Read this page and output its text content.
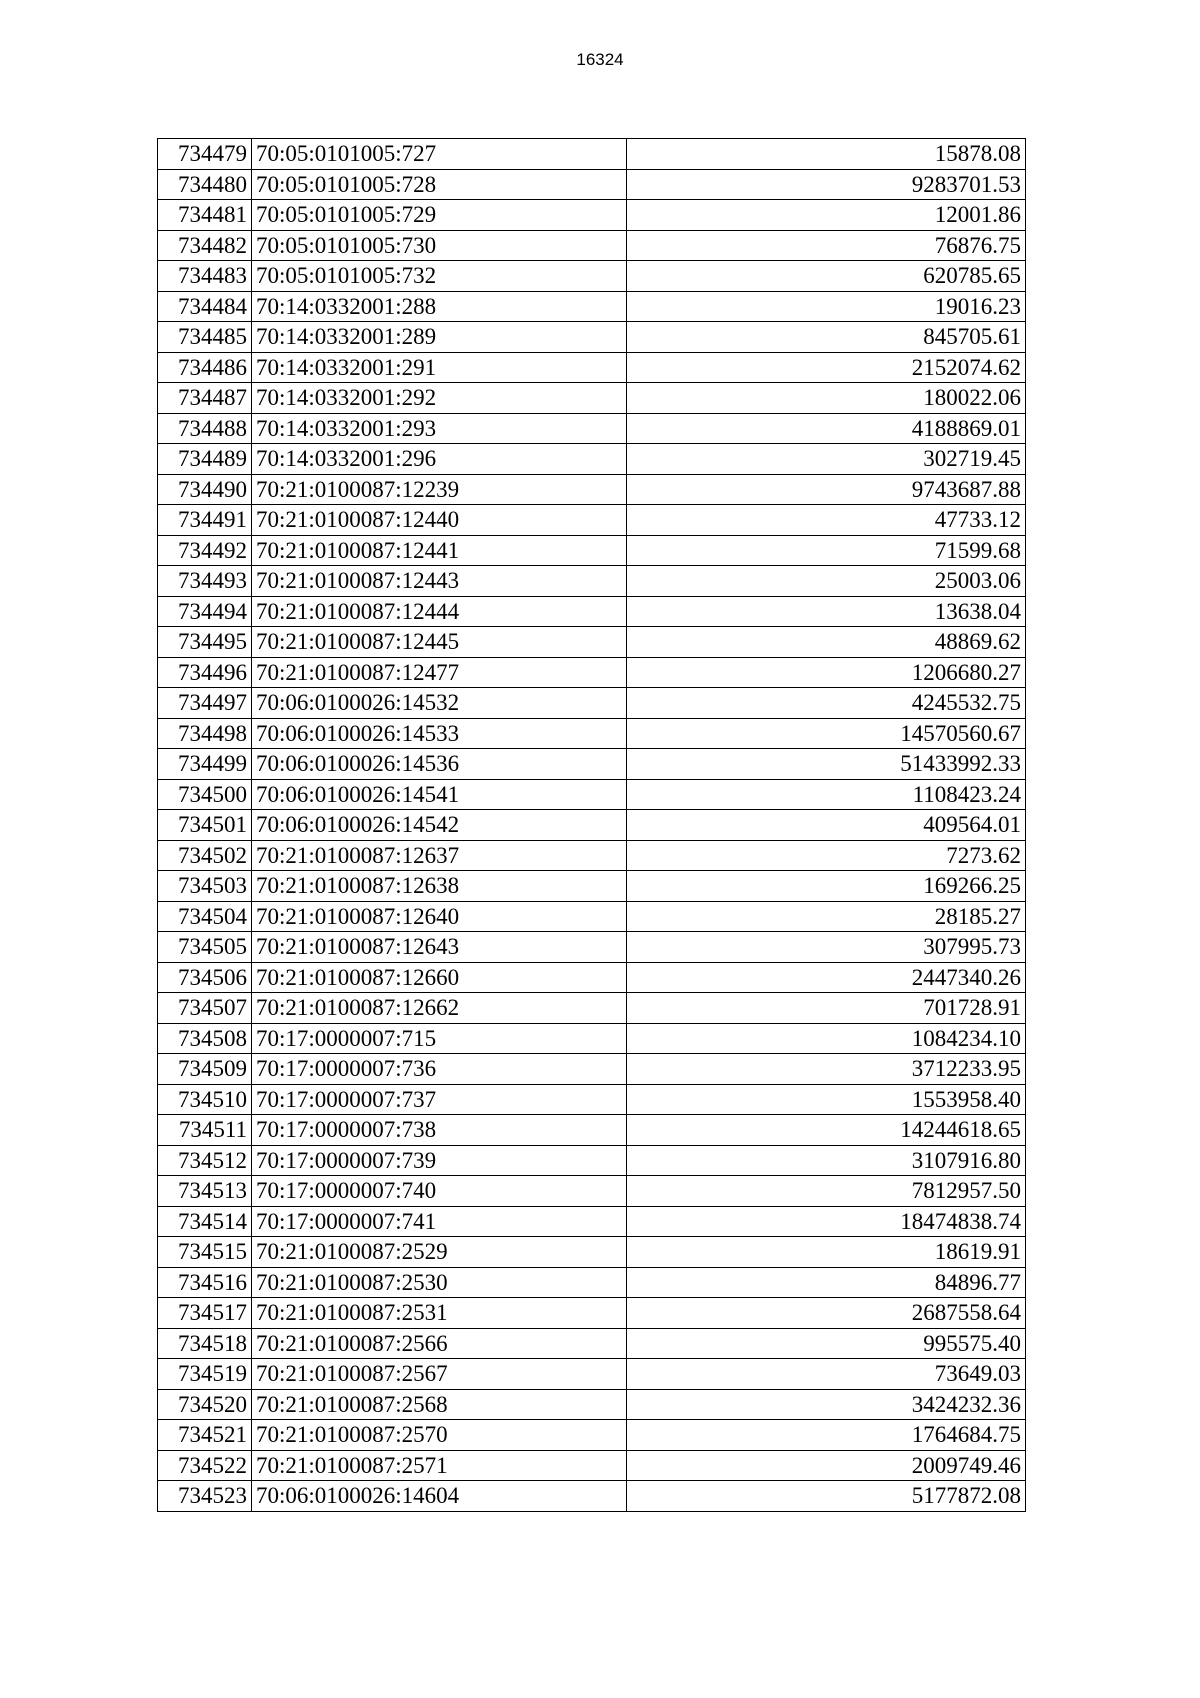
16324
734479	70:05:0101005:727	15878.08
734480	70:05:0101005:728	9283701.53
734481	70:05:0101005:729	12001.86
734482	70:05:0101005:730	76876.75
734483	70:05:0101005:732	620785.65
734484	70:14:0332001:288	19016.23
734485	70:14:0332001:289	845705.61
734486	70:14:0332001:291	2152074.62
734487	70:14:0332001:292	180022.06
734488	70:14:0332001:293	4188869.01
734489	70:14:0332001:296	302719.45
734490	70:21:0100087:12239	9743687.88
734491	70:21:0100087:12440	47733.12
734492	70:21:0100087:12441	71599.68
734493	70:21:0100087:12443	25003.06
734494	70:21:0100087:12444	13638.04
734495	70:21:0100087:12445	48869.62
734496	70:21:0100087:12477	1206680.27
734497	70:06:0100026:14532	4245532.75
734498	70:06:0100026:14533	14570560.67
734499	70:06:0100026:14536	51433992.33
734500	70:06:0100026:14541	1108423.24
734501	70:06:0100026:14542	409564.01
734502	70:21:0100087:12637	7273.62
734503	70:21:0100087:12638	169266.25
734504	70:21:0100087:12640	28185.27
734505	70:21:0100087:12643	307995.73
734506	70:21:0100087:12660	2447340.26
734507	70:21:0100087:12662	701728.91
734508	70:17:0000007:715	1084234.10
734509	70:17:0000007:736	3712233.95
734510	70:17:0000007:737	1553958.40
734511	70:17:0000007:738	14244618.65
734512	70:17:0000007:739	3107916.80
734513	70:17:0000007:740	7812957.50
734514	70:17:0000007:741	18474838.74
734515	70:21:0100087:2529	18619.91
734516	70:21:0100087:2530	84896.77
734517	70:21:0100087:2531	2687558.64
734518	70:21:0100087:2566	995575.40
734519	70:21:0100087:2567	73649.03
734520	70:21:0100087:2568	3424232.36
734521	70:21:0100087:2570	1764684.75
734522	70:21:0100087:2571	2009749.46
734523	70:06:0100026:14604	5177872.08
